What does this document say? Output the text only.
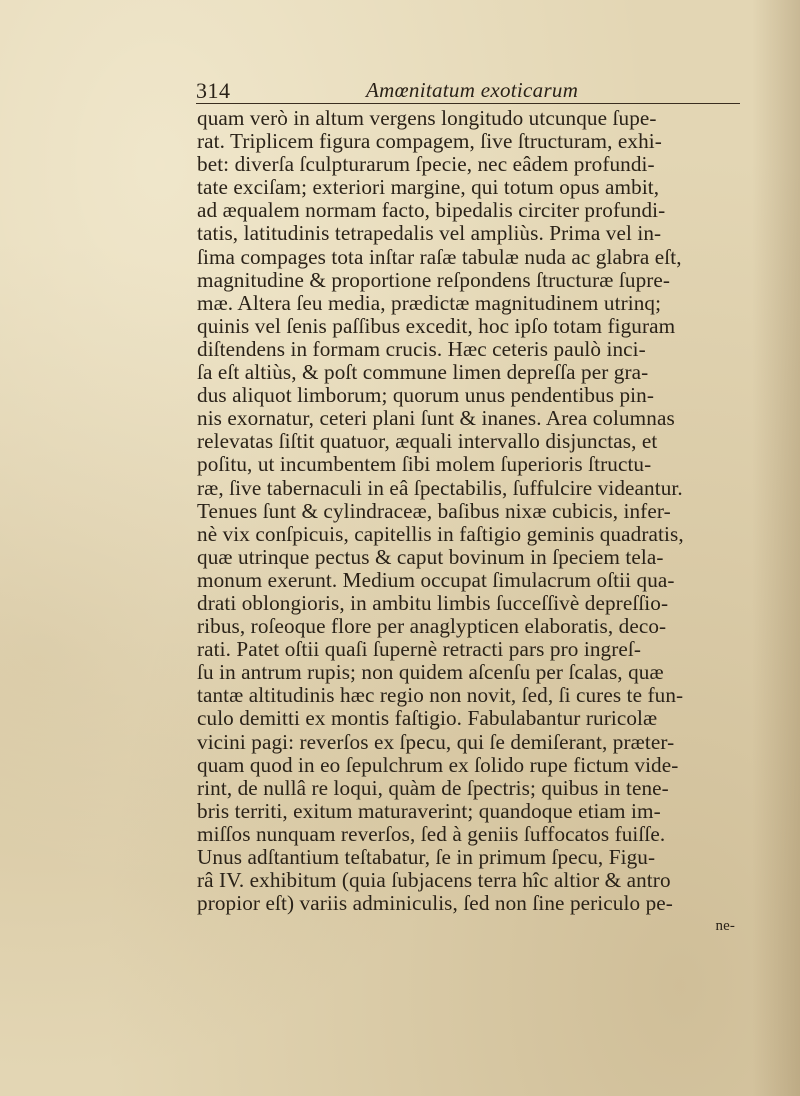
314	Amœnitatum exoticarum
quam verò in altum vergens longitudo utcunque ſupe-
rat. Triplicem figura compagem, ſive ſtructuram, exhi-
bet: diverſa ſculpturarum ſpecie, nec eâdem profundi-
tate exciſam; exteriori margine, qui totum opus ambit,
ad æqualem normam facto, bipedalis circiter profundi-
tatis, latitudinis tetrapedalis vel ampliùs. Prima vel in-
ſima compages tota inſtar raſæ tabulæ nuda ac glabra eſt,
magnitudine & proportione reſpondens ſtructuræ ſupre-
mæ. Altera ſeu media, prædictæ magnitudinem utrinq;
quinis vel ſenis paſſibus excedit, hoc ipſo totam figuram
diſtendens in formam crucis. Hæc ceteris paulò inci-
ſa eſt altiùs, & poſt commune limen depreſſa per gra-
dus aliquot limborum; quorum unus pendentibus pin-
nis exornatur, ceteri plani ſunt & inanes. Area columnas
relevatas ſiſtit quatuor, æquali intervallo disjunctas, et
poſitu, ut incumbentem ſibi molem ſuperioris ſtructu-
ræ, ſive tabernaculi in eâ ſpectabilis, ſuffulcire videantur.
Tenues ſunt & cylindraceæ, baſibus nixæ cubicis, infer-
nè vix conſpicuis, capitellis in faſtigio geminis quadratis,
quæ utrinque pectus & caput bovinum in ſpeciem tela-
monum exerunt. Medium occupat ſimulacrum oſtii qua-
drati oblongioris, in ambitu limbis ſucceſſivè depreſſio-
ribus, roſeoque flore per anaglypticen elaboratis, deco-
rati. Patet oſtii quaſi ſupernè retracti pars pro ingreſ-
ſu in antrum rupis; non quidem aſcenſu per ſcalas, quæ
tantæ altitudinis hæc regio non novit, ſed, ſi cures te fun-
culo demitti ex montis faſtigio. Fabulabantur ruricolæ
vicini pagi: reverſos ex ſpecu, qui ſe demiſerant, præter-
quam quod in eo ſepulchrum ex ſolido rupe fictum vide-
rint, de nullâ re loqui, quàm de ſpectris; quibus in tene-
bris territi, exitum maturaverint; quandoque etiam im-
miſſos nunquam reverſos, ſed à geniis ſuffocatos fuiſſe.
Unus adſtantium teſtabatur, ſe in primum ſpecu, Figu-
râ IV. exhibitum (quia ſubjacens terra hîc altior & antro
propior eſt) variis adminiculis, ſed non ſine periculo pe-
ne-
